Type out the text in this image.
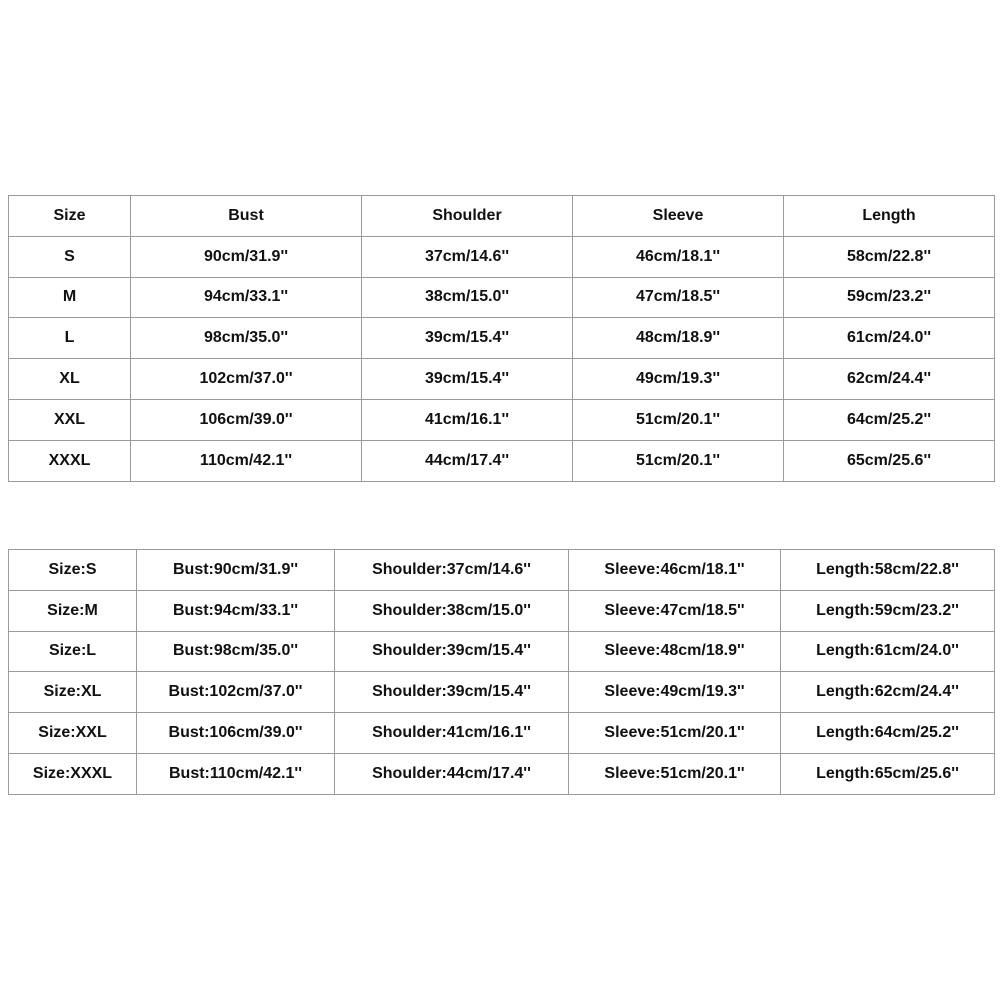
Size	Bust	Shoulder	Sleeve	Length
S	90cm/31.9''	37cm/14.6''	46cm/18.1''	58cm/22.8''
M	94cm/33.1''	38cm/15.0''	47cm/18.5''	59cm/23.2''
L	98cm/35.0''	39cm/15.4''	48cm/18.9''	61cm/24.0''
XL	102cm/37.0''	39cm/15.4''	49cm/19.3''	62cm/24.4''
XXL	106cm/39.0''	41cm/16.1''	51cm/20.1''	64cm/25.2''
XXXL	110cm/42.1''	44cm/17.4''	51cm/20.1''	65cm/25.6''
Size:S	Bust:90cm/31.9''	Shoulder:37cm/14.6''	Sleeve:46cm/18.1''	Length:58cm/22.8''
Size:M	Bust:94cm/33.1''	Shoulder:38cm/15.0''	Sleeve:47cm/18.5''	Length:59cm/23.2''
Size:L	Bust:98cm/35.0''	Shoulder:39cm/15.4''	Sleeve:48cm/18.9''	Length:61cm/24.0''
Size:XL	Bust:102cm/37.0''	Shoulder:39cm/15.4''	Sleeve:49cm/19.3''	Length:62cm/24.4''
Size:XXL	Bust:106cm/39.0''	Shoulder:41cm/16.1''	Sleeve:51cm/20.1''	Length:64cm/25.2''
Size:XXXL	Bust:110cm/42.1''	Shoulder:44cm/17.4''	Sleeve:51cm/20.1''	Length:65cm/25.6''
